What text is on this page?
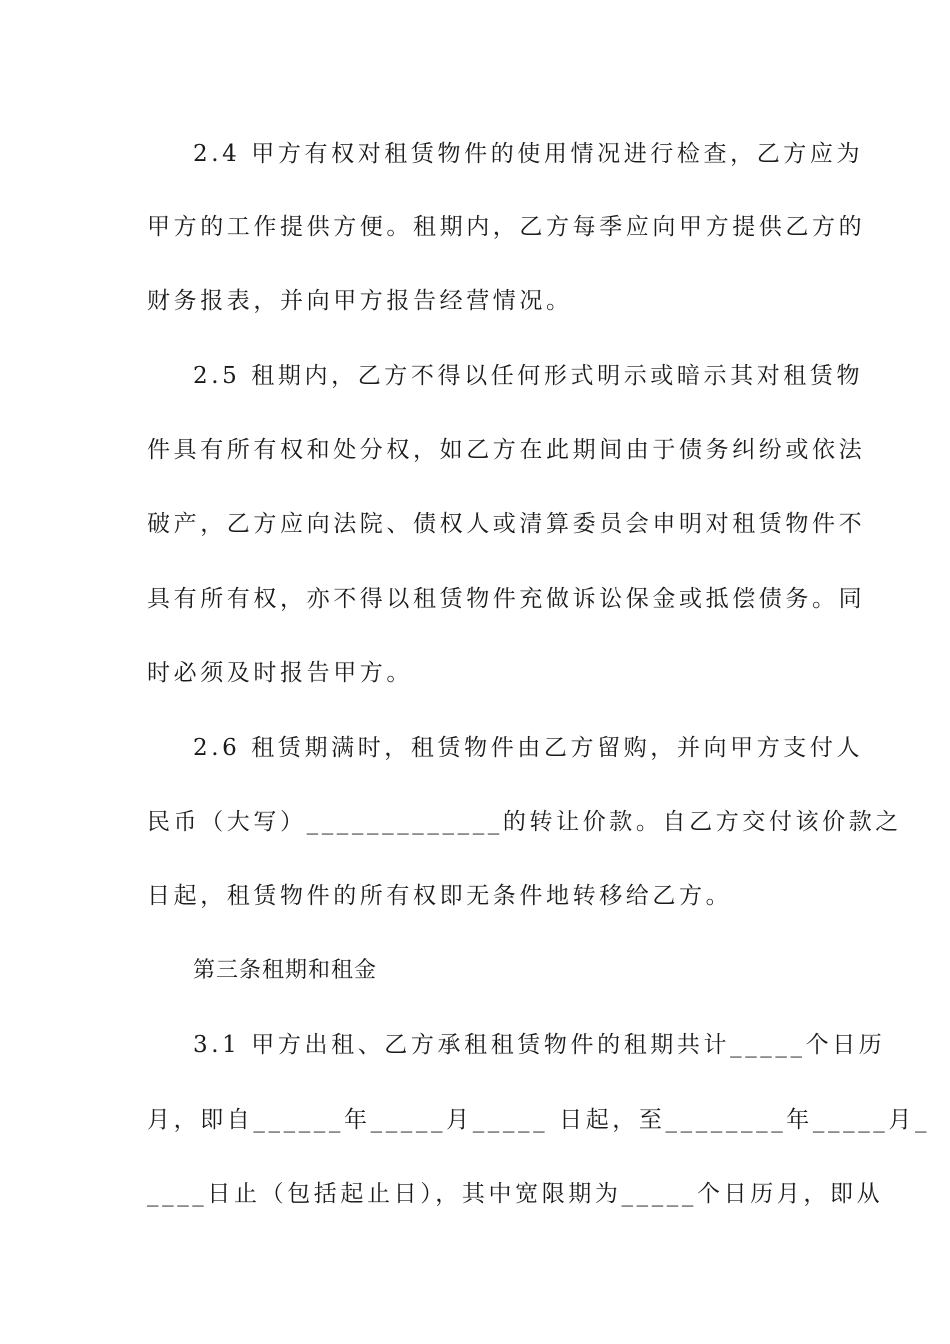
2.4 甲方有权对租赁物件的使用情况进行检查，乙方应为
甲方的工作提供方便。租期内，乙方每季应向甲方提供乙方的
财务报表，并向甲方报告经营情况。
2.5 租期内，乙方不得以任何形式明示或暗示其对租赁物
件具有所有权和处分权，如乙方在此期间由于债务纠纷或依法
破产，乙方应向法院、债权人或清算委员会申明对租赁物件不
具有所有权，亦不得以租赁物件充做诉讼保金或抵偿债务。同
时必须及时报告甲方。
2.6 租赁期满时，租赁物件由乙方留购，并向甲方支付人
民币（大写）_____________的转让价款。自乙方交付该价款之
日起，租赁物件的所有权即无条件地转移给乙方。
第三条租期和租金
3.1 甲方出租、乙方承租租赁物件的租期共计_____个日历
月，即自______年_____月_____ 日起，至________年_____月_
____日止（包括起止日），其中宽限期为_____个日历月，即从
